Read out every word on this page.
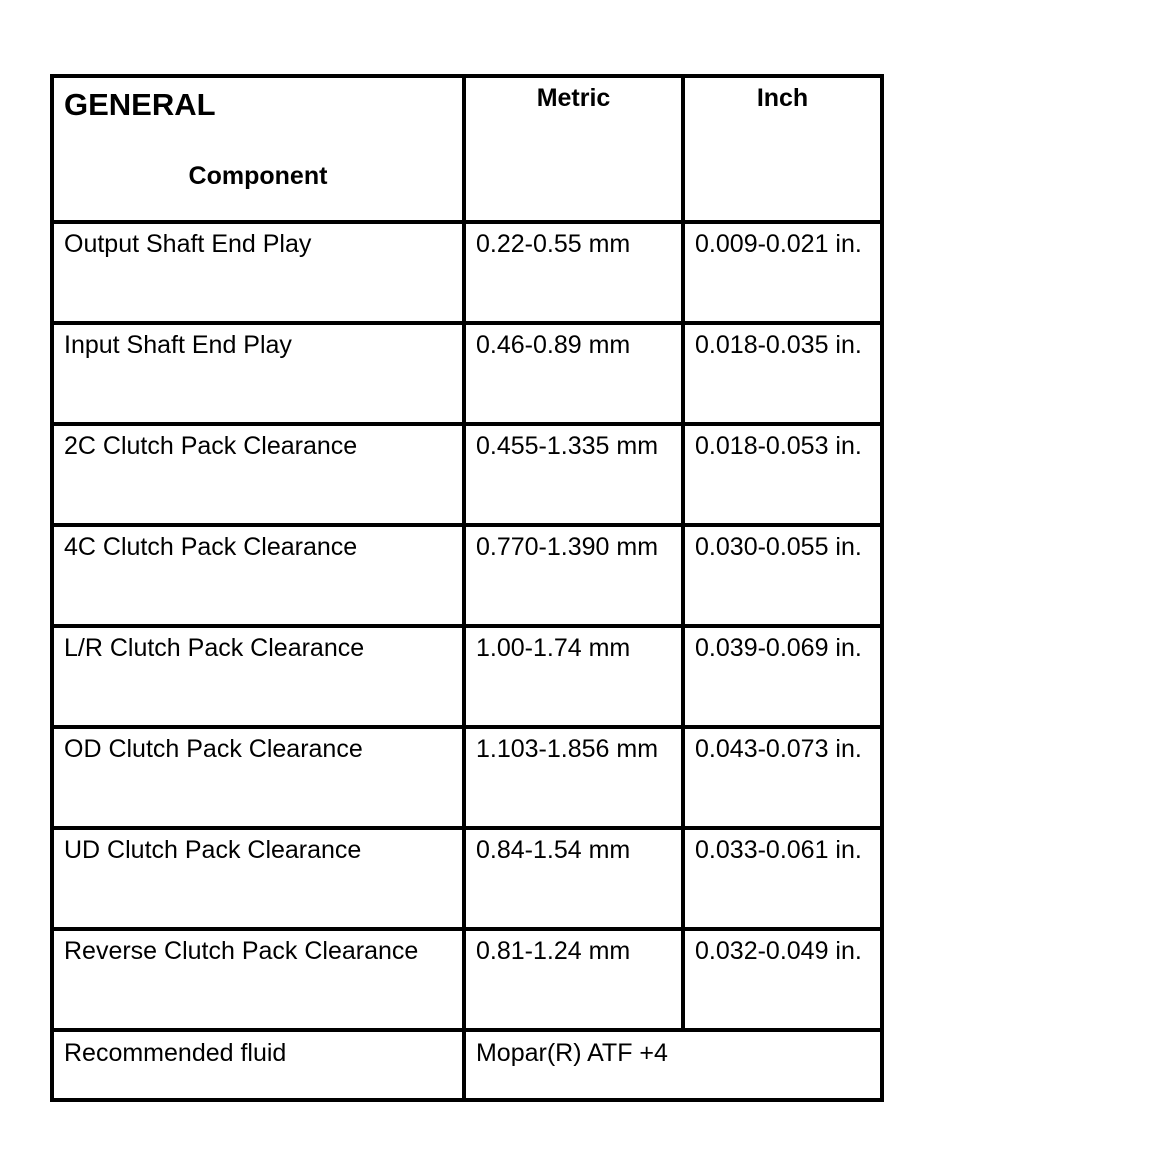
GENERAL
Component	Metric	Inch

Output Shaft End Play	0.22-0.55 mm	0.009-0.021 in.
Input Shaft End Play	0.46-0.89 mm	0.018-0.035 in.
2C Clutch Pack Clearance	0.455-1.335 mm	0.018-0.053 in.
4C Clutch Pack Clearance	0.770-1.390 mm	0.030-0.055 in.
L/R Clutch Pack Clearance	1.00-1.74 mm	0.039-0.069 in.
OD Clutch Pack Clearance	1.103-1.856 mm	0.043-0.073 in.
UD Clutch Pack Clearance	0.84-1.54 mm	0.033-0.061 in.
Reverse Clutch Pack Clearance	0.81-1.24 mm	0.032-0.049 in.
Recommended fluid	Mopar(R) ATF +4	
